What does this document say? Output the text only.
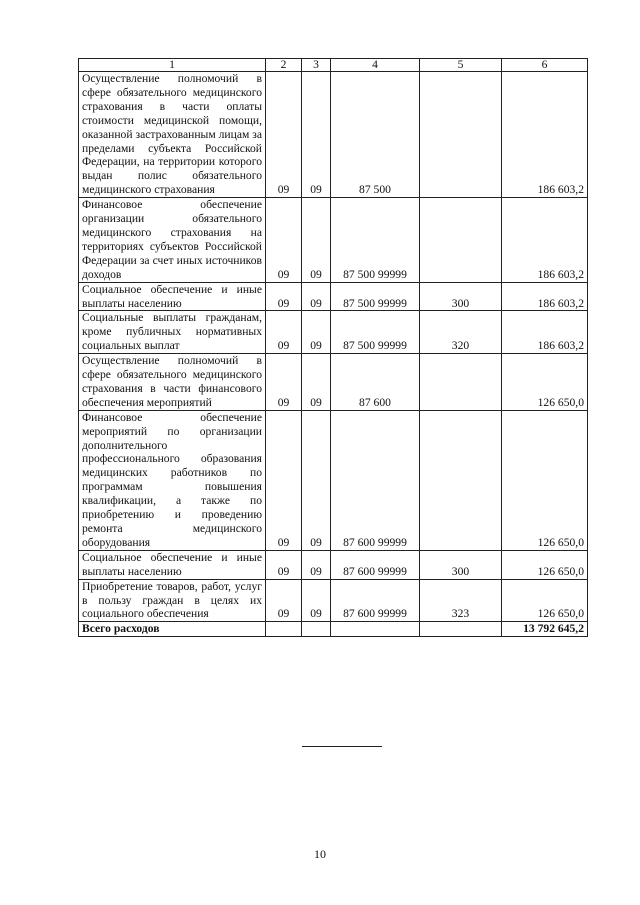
1	2	3	4	5	6
Осуществление полномочий в сфере обязательного медицинского страхования в части оплаты стоимости медицинской помощи, оказанной застрахованным лицам за пределами субъекта Российской Федерации, на территории которого выдан полис обязательного медицинского страхования	09	09	87 500		186 603,2
Финансовое обеспечение организации обязательного медицинского страхования на территориях субъектов Российской Федерации за счет иных источников доходов	09	09	87 500 99999		186 603,2
Социальное обеспечение и иные выплаты населению	09	09	87 500 99999	300	186 603,2
Социальные выплаты гражданам, кроме публичных нормативных социальных выплат	09	09	87 500 99999	320	186 603,2
Осуществление полномочий в сфере обязательного медицинского страхования в части финансового обеспечения мероприятий	09	09	87 600		126 650,0
Финансовое обеспечение мероприятий по организации дополнительного профессионального образования медицинских работников по программам повышения квалификации, а также по приобретению и проведению ремонта медицинского оборудования	09	09	87 600 99999		126 650,0
Социальное обеспечение и иные выплаты населению	09	09	87 600 99999	300	126 650,0
Приобретение товаров, работ, услуг в пользу граждан в целях их социального обеспечения	09	09	87 600 99999	323	126 650,0
Всего расходов					13 792 645,2
10
